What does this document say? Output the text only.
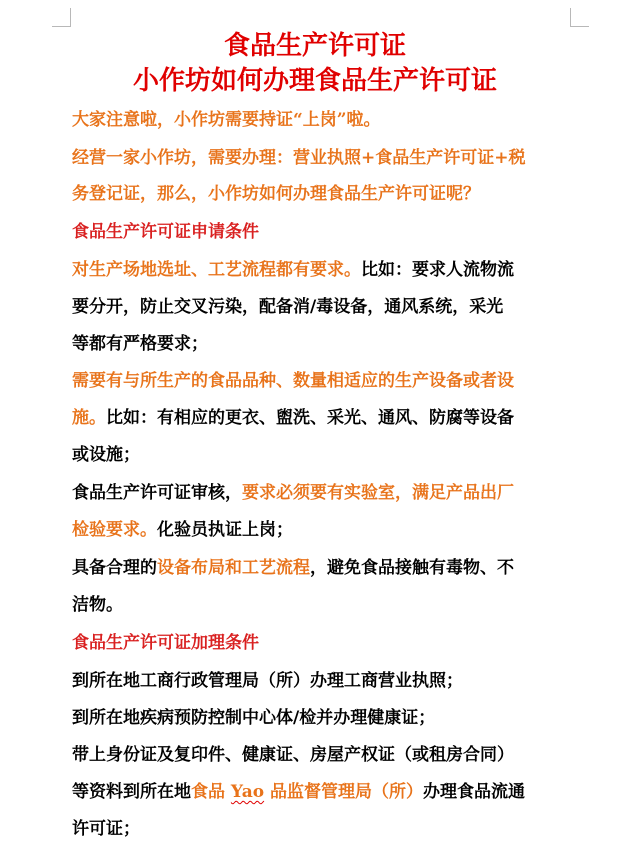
食品生产许可证
小作坊如何办理食品生产许可证
大家注意啦，小作坊需要持证“上岗”啦。
经营一家小作坊，需要办理：营业执照+食品生产许可证+税
务登记证，那么，小作坊如何办理食品生产许可证呢？
食品生产许可证申请条件
对生产场地选址、工艺流程都有要求。比如：要求人流物流
要分开，防止交叉污染，配备消/毒设备，通风系统，采光
等都有严格要求；
需要有与所生产的食品品种、数量相适应的生产设备或者设
施。比如：有相应的更衣、盥洗、采光、通风、防腐等设备
或设施；
食品生产许可证审核，要求必须要有实验室，满足产品出厂
检验要求。化验员执证上岗；
具备合理的设备布局和工艺流程，避免食品接触有毒物、不
洁物。
食品生产许可证加理条件
到所在地工商行政管理局（所）办理工商营业执照；
到所在地疾病预防控制中心体/检并办理健康证；
带上身份证及复印件、健康证、房屋产权证（或租房合同）
等资料到所在地食品 Yao 品监督管理局（所）办理食品流通
许可证；
